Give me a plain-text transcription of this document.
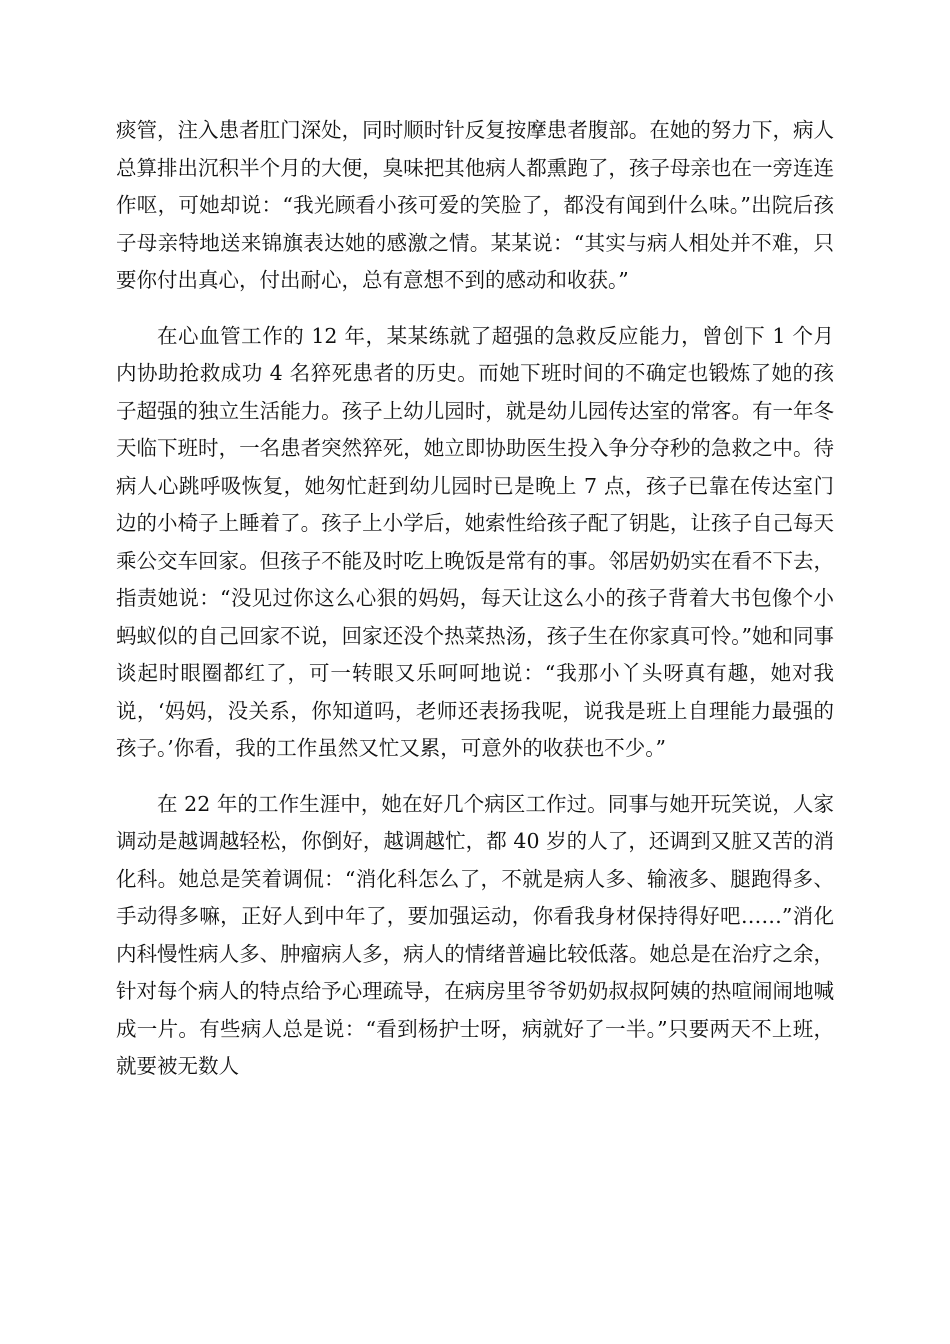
痰管，注入患者肛门深处，同时顺时针反复按摩患者腹部。在她的努力下，病人总算排出沉积半个月的大便，臭味把其他病人都熏跑了，孩子母亲也在一旁连连作呕，可她却说：“我光顾看小孩可爱的笑脸了，都没有闻到什么味。”出院后孩子母亲特地送来锦旗表达她的感激之情。某某说：“其实与病人相处并不难，只要你付出真心，付出耐心，总有意想不到的感动和收获。”

在心血管工作的 12 年，某某练就了超强的急救反应能力，曾创下 1 个月内协助抢救成功 4 名猝死患者的历史。而她下班时间的不确定也锻炼了她的孩子超强的独立生活能力。孩子上幼儿园时，就是幼儿园传达室的常客。有一年冬天临下班时，一名患者突然猝死，她立即协助医生投入争分夺秒的急救之中。待病人心跳呼吸恢复，她匆忙赶到幼儿园时已是晚上 7 点，孩子已靠在传达室门边的小椅子上睡着了。孩子上小学后，她索性给孩子配了钥匙，让孩子自己每天乘公交车回家。但孩子不能及时吃上晚饭是常有的事。邻居奶奶实在看不下去，指责她说：“没见过你这么心狠的妈妈，每天让这么小的孩子背着大书包像个小蚂蚁似的自己回家不说，回家还没个热菜热汤，孩子生在你家真可怜。”她和同事谈起时眼圈都红了，可一转眼又乐呵呵地说：“我那小丫头呀真有趣，她对我说，‘妈妈，没关系，你知道吗，老师还表扬我呢，说我是班上自理能力最强的孩子。’你看，我的工作虽然又忙又累，可意外的收获也不少。”

在 22 年的工作生涯中，她在好几个病区工作过。同事与她开玩笑说，人家调动是越调越轻松，你倒好，越调越忙，都 40 岁的人了，还调到又脏又苦的消化科。她总是笑着调侃：“消化科怎么了，不就是病人多、输液多、腿跑得多、手动得多嘛，正好人到中年了，要加强运动，你看我身材保持得好吧……”消化内科慢性病人多、肿瘤病人多，病人的情绪普遍比较低落。她总是在治疗之余，针对每个病人的特点给予心理疏导，在病房里爷爷奶奶叔叔阿姨的热喧闹闹地喊成一片。有些病人总是说：“看到杨护士呀，病就好了一半。”只要两天不上班，就要被无数人
